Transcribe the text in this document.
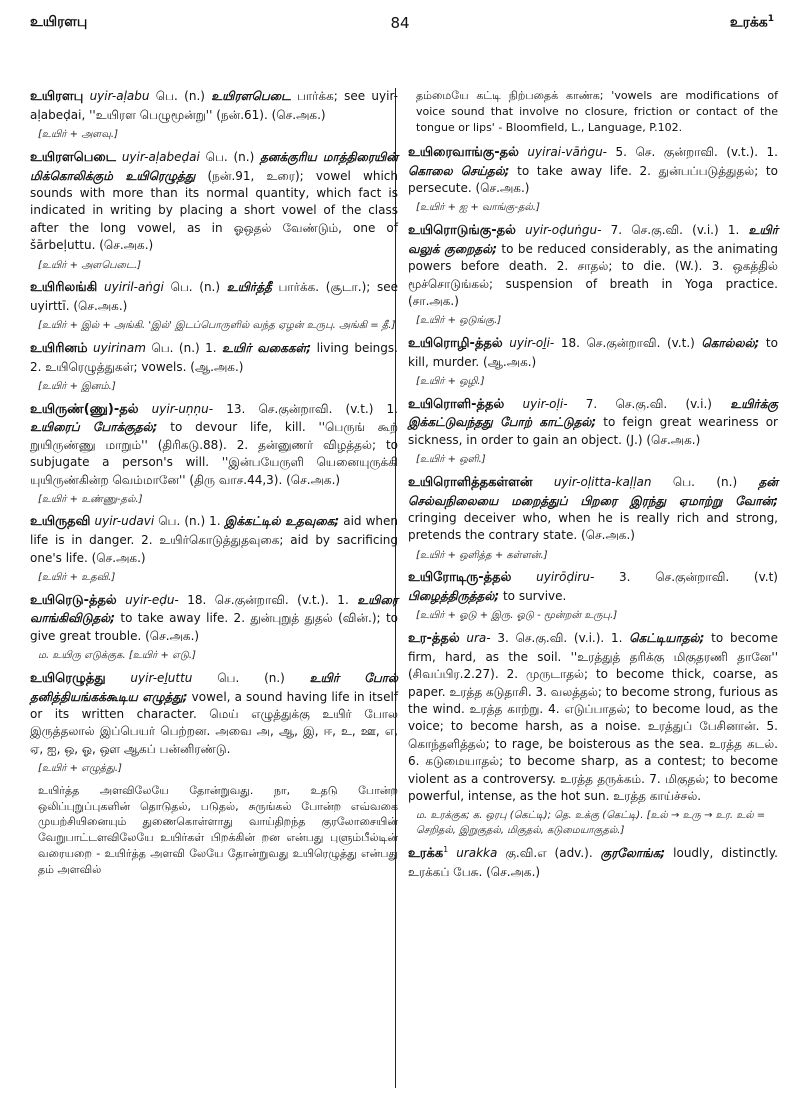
உயிரளபு	84	உரக்க$^1$
உயிரளபு uyir-aḷabu பெ. (n.) உயிரளபெடை பார்க்க; see uyir-aḷabeḍai, ''உயிரள பெழுமூன்று'' (நன்.61). (செ.அக.)
[உயிர் + அளவு.]
உயிரளபெடை uyir-aḷabeḍai பெ. (n.) தனக்குரிய மாத்திரையின் மிக்கொலிக்கும் உயிரெழுத்து (நன்.91, உரை); vowel which sounds with more than its normal quantity, which fact is indicated in writing by placing a short vowel of the class after the long vowel, as in ஓஒதல் வேண்டும், one of šārbeḷuttu. (செ.அக.)
[உயிர் + அளபெடை.]
உயிரிலங்கி uyiril-aṅgi பெ. (n.) உயிர்த்தீ பார்க்க. (சூடா.); see uyirttī. (செ.அக.)
[உயிர் + இல் + அங்கி. 'இல்' இடப்பொருளில் வந்த ஏழன் உருபு. அங்கி = தீ.]
உயிரினம் uyirinam பெ. (n.) 1. உயிர் வகைகள்; living beings. 2. உயிரெழுத்துகள்; vowels. (ஆ.அக.)
[உயிர் + இனம்.]
உயிருண்(ணு)-தல் uyir-uṇṇu- 13. செ.குன்றாவி. (v.t.) 1. உயிரைப் போக்குதல்; to devour life, kill. ''பெருங் கூற் றுயிருண்ணு மாறும்'' (திரிகடு.88). 2. தன்னுணர் விழத்தல்; to subjugate a person's will. ''இன்பயேருளி யெனையுருக்கி யுயிருண்கின்ற வெம்மானே'' (திரு வாச.44,3). (செ.அக.)
[உயிர் + உண்ணு-தல்.]
உயிருதவி uyir-udavi பெ. (n.) 1. இக்கட்டில் உதவுகை; aid when life is in danger. 2. உயிர்கொடுத்துதவுகை; aid by sacrificing one's life. (செ.அக.)
[உயிர் + உதவி.]
உயிரெடு-த்தல் uyir-eḍu- 18. செ.குன்றாவி. (v.t.). 1. உயிரை வாங்கிவிடுதல்; to take away life. 2. துன்புறுத் துதல் (வின்.); to give great trouble. (செ.அக.)
ம. உயிரு எடுக்குக. [உயிர் + எடு.]
உயிரெழுத்து uyir-eḻuttu பெ. (n.) உயிர் போல் தனித்தியங்கக்கூடிய எழுத்து; vowel, a sound having life in itself or its written character. மெய் எழுத்துக்கு உயிர் போல இருத்தலால் இப்பெயர் பெற்றன. அவை அ, ஆ, இ, ஈ, உ, ஊ, எ, ஏ, ஐ, ஒ, ஓ, ஔ ஆகப் பன்னிரண்டு.
[உயிர் + எழுத்து.]
உயிர்த்த அளவிலேயே தோன்றுவது. நா, உதடு போன்ற ஒலிப்புறுப்புகளின் தொடுதல், படுதல், சுருங்கல் போன்ற எவ்வகை முயற்சியினையும் துணைகொள்ளாது வாய்திறந்த குரலோசையின் வேறுபாட்டளவிலேயே உயிர்கள் பிறக்கின் றன என்பது புளும்பீல்டின் வரையறை - உயிர்த்த அளவி லேயே தோன்றுவது உயிரெழுத்து என்பது தம் அளவில்
தம்மையே கட்டி நிற்பதைக் காண்க; 'vowels are modifications of voice sound that involve no closure, friction or contact of the tongue or lips' - Bloomfield, L., Language, P.102.
உயிரைவாங்கு-தல் uyirai-vāṅgu- 5. செ. குன்றாவி. (v.t.). 1. கொலை செய்தல்; to take away life. 2. துன்பப்படுத்துதல்; to persecute. (செ.அக.)
[உயிர் + ஐ + வாங்கு-தல்.]
உயிரொடுங்கு-தல் uyir-oḍuṅgu- 7. செ.கு.வி. (v.i.) 1. உயிர் வலுக் குறைதல்; to be reduced considerably, as the animating powers before death. 2. சாதல்; to die. (W.). 3. ஒகத்தில் மூச்சொடுங்கல்; suspension of breath in Yoga practice. (சா.அக.)
[உயிர் + ஒடுங்கு.]
உயிரொழி-த்தல் uyir-oḻi- 18. செ.குன்றாவி. (v.t.) கொல்லல்; to kill, murder. (ஆ.அக.)
[உயிர் + ஒழி.]
உயிரொளி-த்தல் uyir-oḷi- 7. செ.கு.வி. (v.i.) உயிர்க்கு இக்கட்டுவந்தது போற் காட்டுதல்; to feign great weariness or sickness, in order to gain an object. (J.) (செ.அக.)
[உயிர் + ஒளி.]
உயிரொளித்தகள்ளன் uyir-oḷitta-kaḷḷan பெ. (n.) தன் செல்வநிலையை மறைத்துப் பிறரை இரந்து ஏமாற்று வோன்; cringing deceiver who, when he is really rich and strong, pretends the contrary state. (செ.அக.)
[உயிர் + ஒளித்த + கள்ளன்.]
உயிரோடிரு-த்தல் uyirōḍiru- 3. செ.குன்றாவி. (v.t) பிழைத்திருத்தல்; to survive.
[உயிர் + ஓடு + இரு. ஓடு - மூன்றன் உருபு.]
உர-த்தல் ura- 3. செ.கு.வி. (v.i.). 1. கெட்டியாதல்; to become firm, hard, as the soil. ''உரத்துத் தரிக்கு மிகுதரணி தானே'' (சிவப்பிர.2.27). 2. முருடாதல்; to become thick, coarse, as paper. உரத்த கடுதாசி. 3. வலத்தல்; to become strong, furious as the wind. உரத்த காற்று. 4. எடுப்பாதல்; to become loud, as the voice; to become harsh, as a noise. உரத்துப் பேசினான். 5. கொந்தளித்தல்; to rage, be boisterous as the sea. உரத்த கடல். 6. கடுமையாதல்; to become sharp, as a contest; to become violent as a controversy. உரத்த தருக்கம். 7. மிகுதல்; to become powerful, intense, as the hot sun. உரத்த காய்ச்சல்.
ம. உரக்குக; க. ஒரபு (கெட்டி); தெ. உக்கு (கெட்டி). [உல் → உரு → உர. உல் = செறிதல், இறுகுதல், மிகுதல், கடுமையாகுதல்.]
உரக்க$^1$ urakka கு.வி.எ (adv.). குரலோங்க; loudly, distinctly. உரக்கப் பேசு. (செ.அக.)
